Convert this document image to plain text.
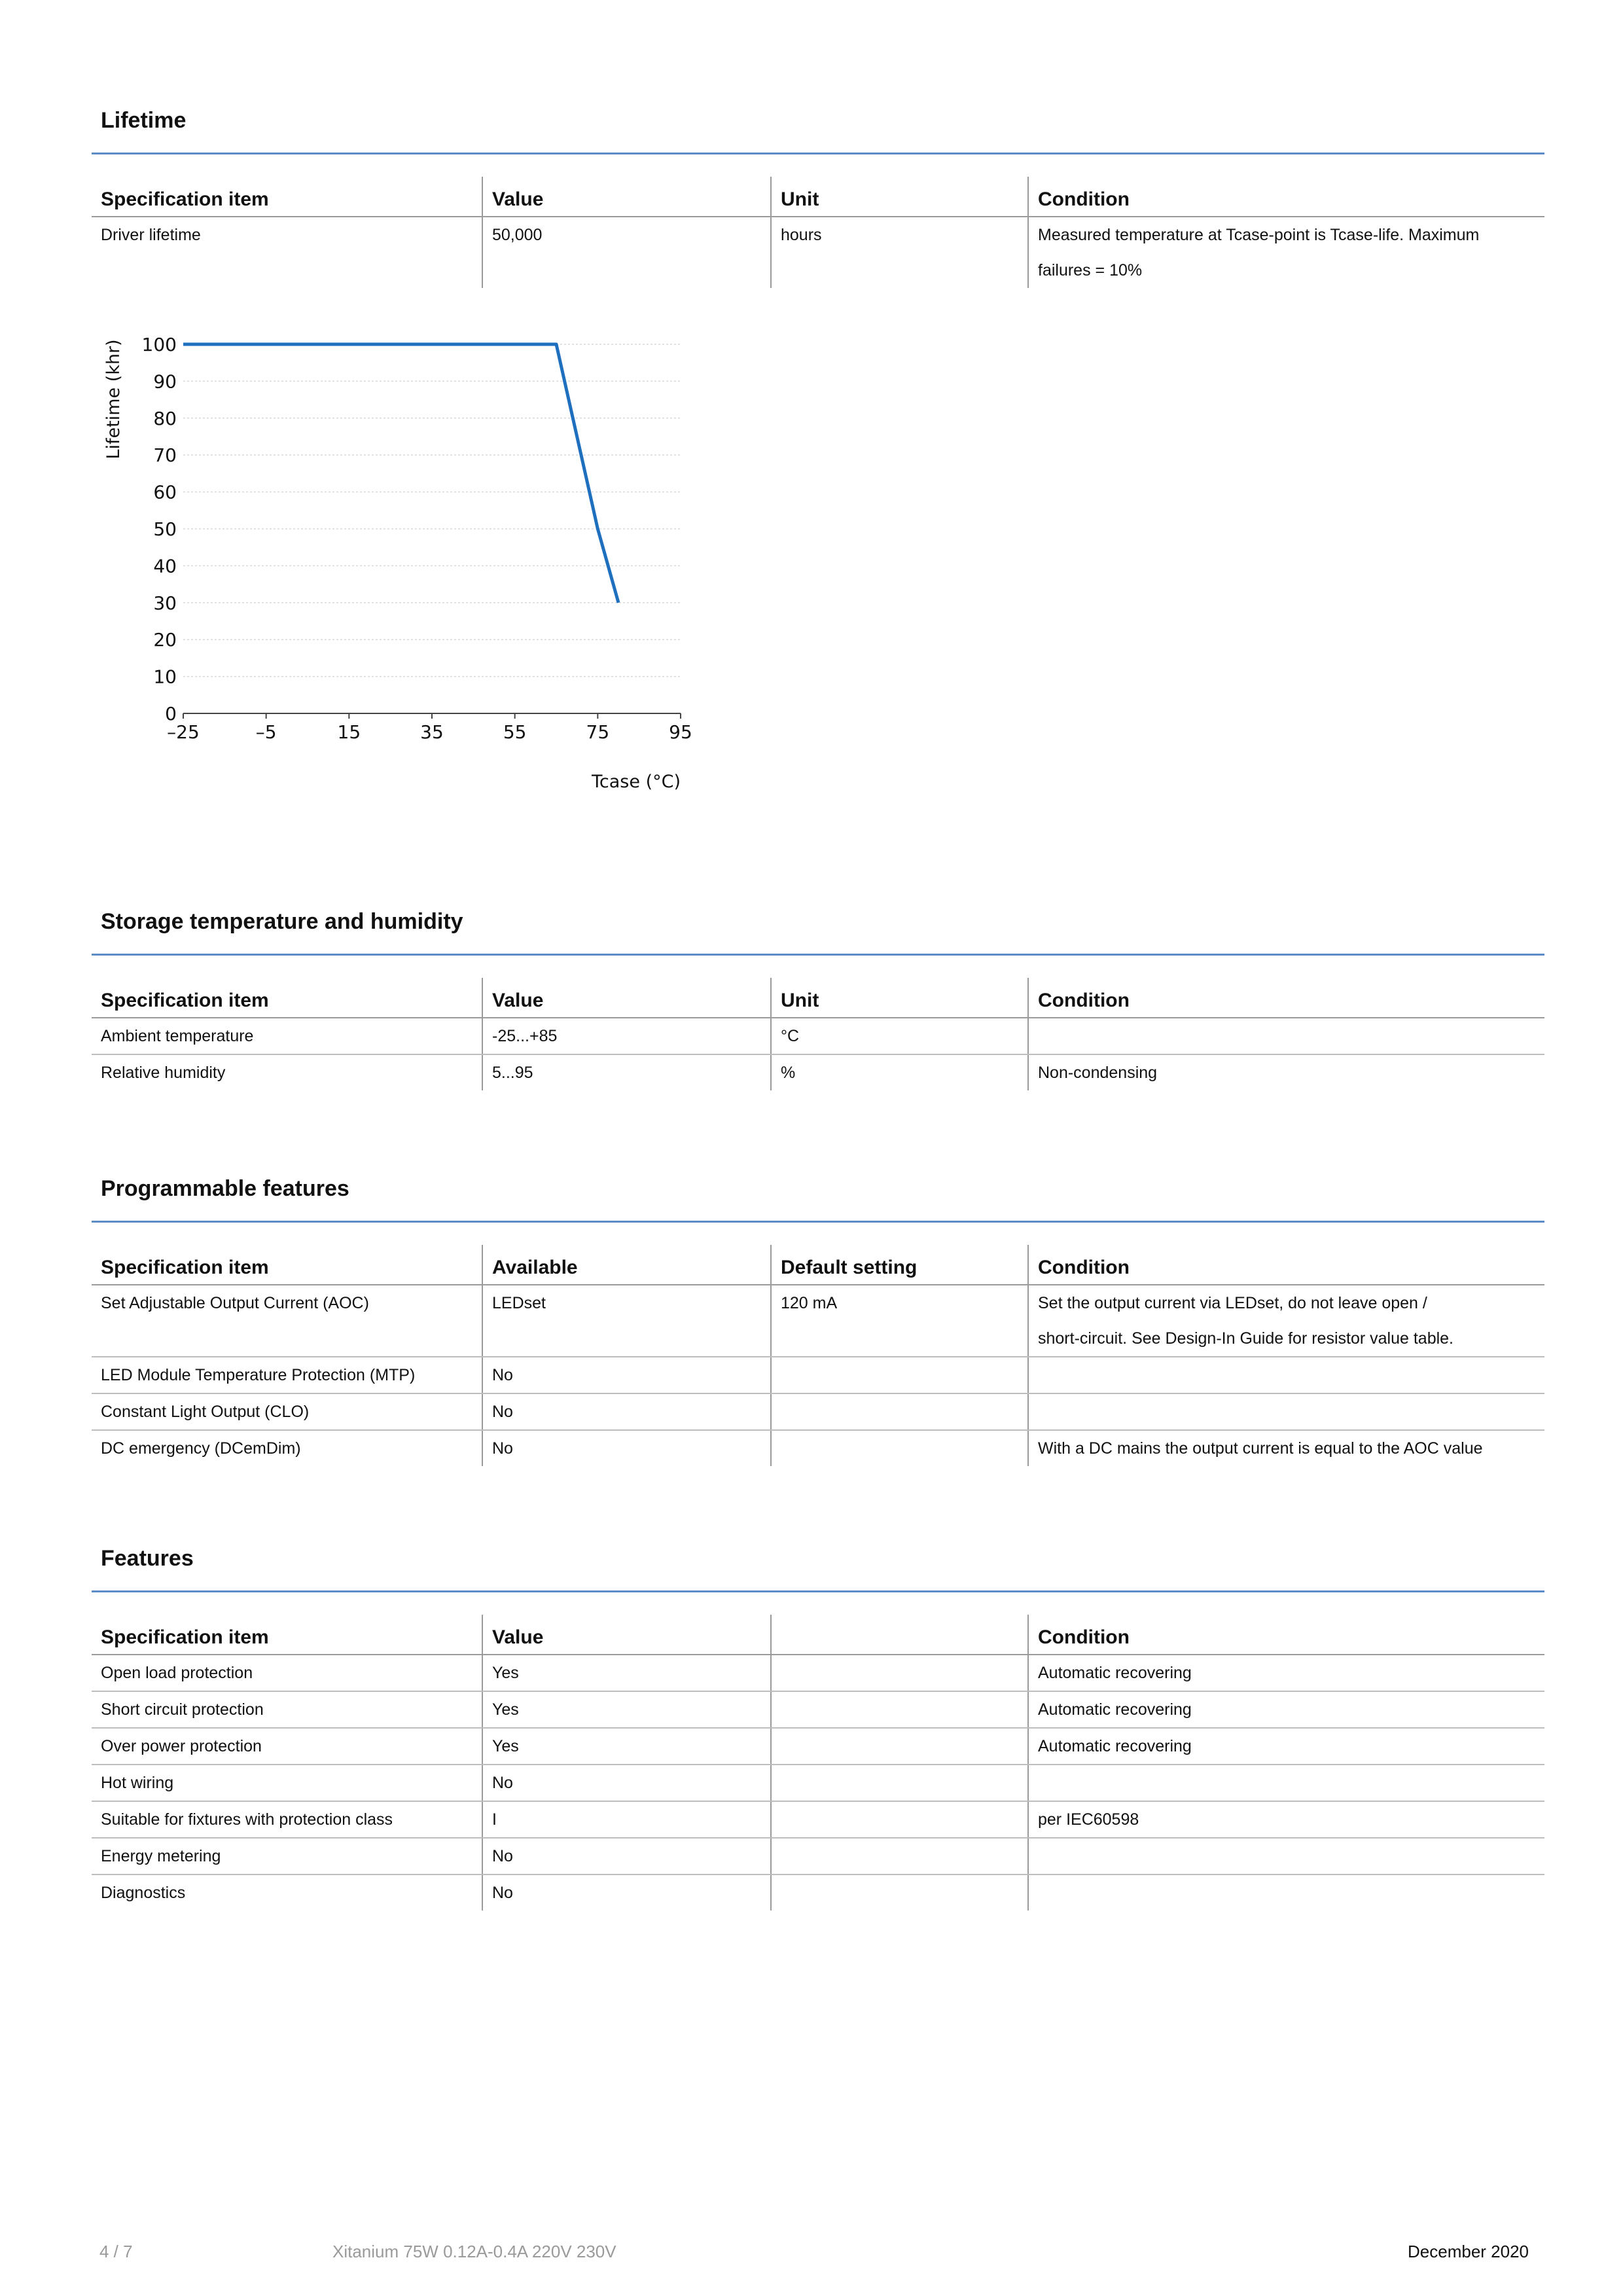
Lifetime
Specification item	Value	Unit	Condition
Driver lifetime	50,000	hours	Measured temperature at Tcase-point is Tcase-life. Maximum
failures = 10%
0
10
20
30
40
50
60
70
80
90
100
–25	–5	15	35	55	75	95
Lifetime (khr)
Tcase (°C)
Storage temperature and humidity
Specification item	Value	Unit	Condition
Ambient temperature	-25...+85	°C	
Relative humidity	5...95	%	Non-condensing
Programmable features
Specification item	Available	Default setting	Condition
Set Adjustable Output Current (AOC)	LEDset	120 mA	Set the output current via LEDset, do not leave open /
short-circuit. See Design-In Guide for resistor value table.
LED Module Temperature Protection (MTP)	No		
Constant Light Output (CLO)	No		
DC emergency (DCemDim)	No		With a DC mains the output current is equal to the AOC value
Features
Specification item	Value		Condition
Open load protection	Yes		Automatic recovering
Short circuit protection	Yes		Automatic recovering
Over power protection	Yes		Automatic recovering
Hot wiring	No		
Suitable for fixtures with protection class	I		per IEC60598
Energy metering	No		
Diagnostics	No		
4 / 7	Xitanium 75W 0.12A-0.4A 220V 230V	December 2020
